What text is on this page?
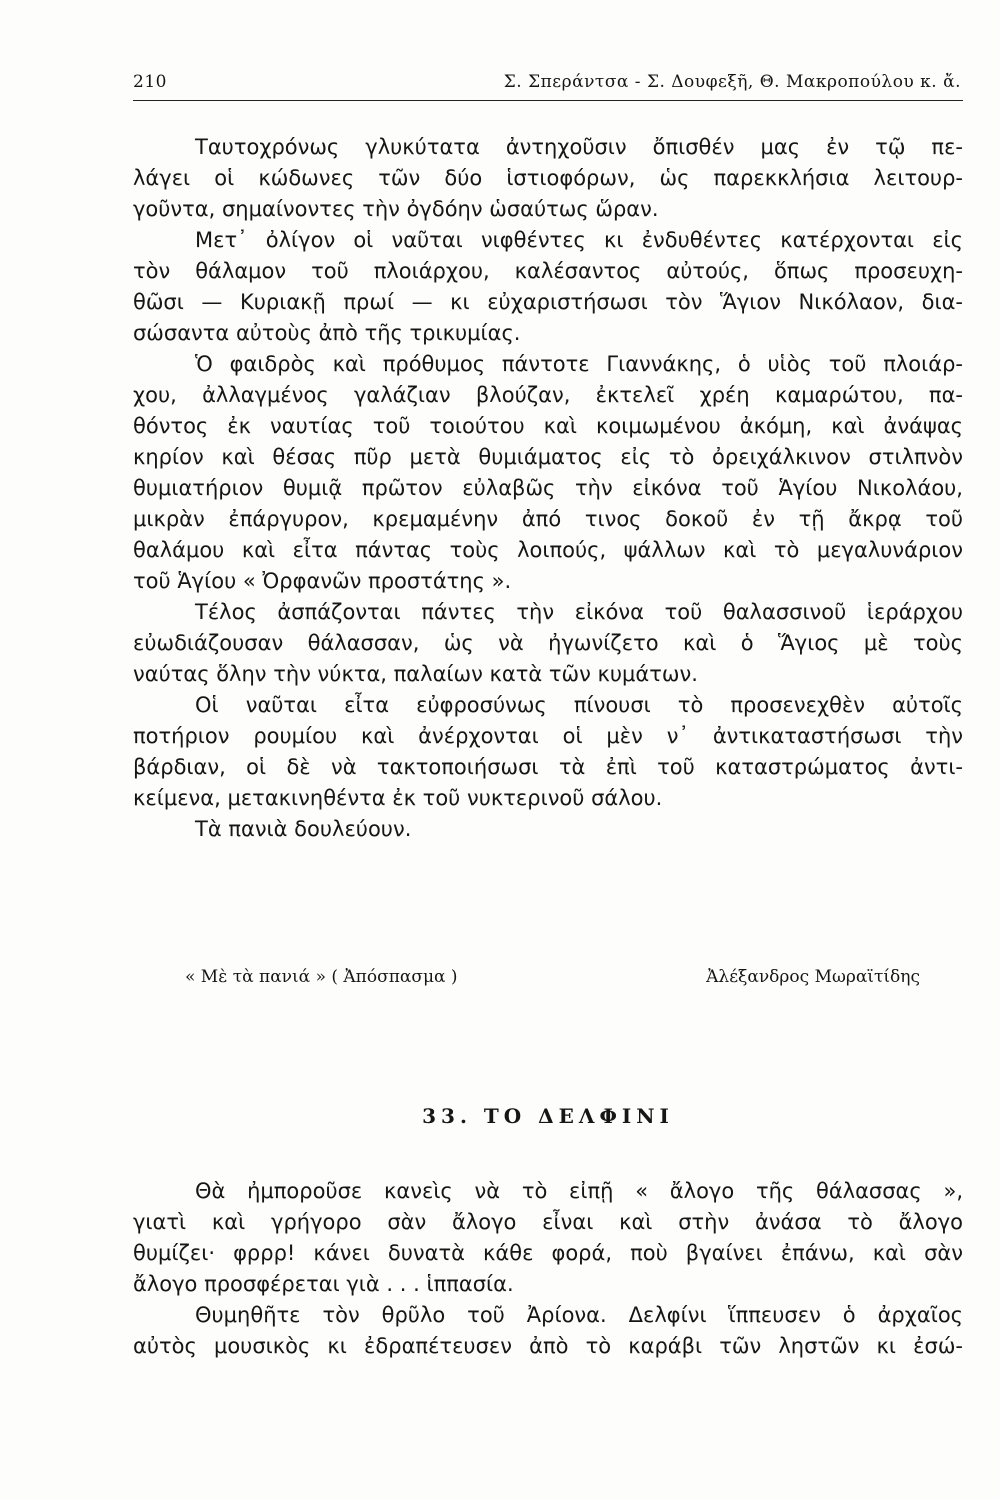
210	Σ. Σπεράντσα - Σ. Δουφεξῆ, Θ. Μακροπούλου κ. ἄ.

Ταυτοχρόνως γλυκύτατα ἀντηχοῦσιν ὄπισθέν μας ἐν τῷ πε-
λάγει οἱ κώδωνες τῶν δύο ἱστιοφόρων, ὡς παρεκκλήσια λειτουρ-
γοῦντα, σημαίνοντες τὴν ὀγδόην ὡσαύτως ὥραν.

Μετ᾽ ὀλίγον οἱ ναῦται νιφθέντες κι ἐνδυθέντες κατέρχονται εἰς
τὸν θάλαμον τοῦ πλοιάρχου, καλέσαντος αὐτούς, ὅπως προσευχη-
θῶσι — Κυριακῇ πρωί — κι εὐχαριστήσωσι τὸν Ἅγιον Νικόλαον, δια-
σώσαντα αὐτοὺς ἀπὸ τῆς τρικυμίας.

Ὁ φαιδρὸς καὶ πρόθυμος πάντοτε Γιαννάκης, ὁ υἱὸς τοῦ πλοιάρ-
χου, ἀλλαγμένος γαλάζιαν βλούζαν, ἐκτελεῖ χρέη καμαρώτου, πα-
θόντος ἐκ ναυτίας τοῦ τοιούτου καὶ κοιμωμένου ἀκόμη, καὶ ἀνάψας
κηρίον καὶ θέσας πῦρ μετὰ θυμιάματος εἰς τὸ ὀρειχάλκινον στιλπνὸν
θυμιατήριον θυμιᾷ πρῶτον εὐλαβῶς τὴν εἰκόνα τοῦ Ἁγίου Νικολάου,
μικρὰν ἐπάργυρον, κρεμαμένην ἀπό τινος δοκοῦ ἐν τῇ ἄκρᾳ τοῦ
θαλάμου καὶ εἶτα πάντας τοὺς λοιπούς, ψάλλων καὶ τὸ μεγαλυνάριον
τοῦ Ἁγίου « Ὀρφανῶν προστάτης ».

Τέλος ἀσπάζονται πάντες τὴν εἰκόνα τοῦ θαλασσινοῦ ἱεράρχου
εὐωδιάζουσαν θάλασσαν, ὡς νὰ ἠγωνίζετο καὶ ὁ Ἅγιος μὲ τοὺς
ναύτας ὅλην τὴν νύκτα, παλαίων κατὰ τῶν κυμάτων.

Οἱ ναῦται εἶτα εὐφροσύνως πίνουσι τὸ προσενεχθὲν αὐτοῖς
ποτήριον ρουμίου καὶ ἀνέρχονται οἱ μὲν ν᾽ ἀντικαταστήσωσι τὴν
βάρδιαν, οἱ δὲ νὰ τακτοποιήσωσι τὰ ἐπὶ τοῦ καταστρώματος ἀντι-
κείμενα, μετακινηθέντα ἐκ τοῦ νυκτερινοῦ σάλου.

Τὰ πανιὰ δουλεύουν.

« Μὲ τὰ πανιά » ( Ἀπόσπασμα )	Ἀλέξανδρος Μωραϊτίδης
33. ΤΟ ΔΕΛΦΙΝΙ

Θὰ ἠμποροῦσε κανεὶς νὰ τὸ εἰπῇ « ἄλογο τῆς θάλασσας »,
γιατὶ καὶ γρήγορο σὰν ἄλογο εἶναι καὶ στὴν ἀνάσα τὸ ἄλογο
θυμίζει· φρρρ! κάνει δυνατὰ κάθε φορά, ποὺ βγαίνει ἐπάνω, καὶ σὰν
ἄλογο προσφέρεται γιὰ . . . ἱππασία.

Θυμηθῆτε τὸν θρῦλο τοῦ Ἀρίονα. Δελφίνι ἵππευσεν ὁ ἀρχαῖος
αὐτὸς μουσικὸς κι ἐδραπέτευσεν ἀπὸ τὸ καράβι τῶν ληστῶν κι ἐσώ-
